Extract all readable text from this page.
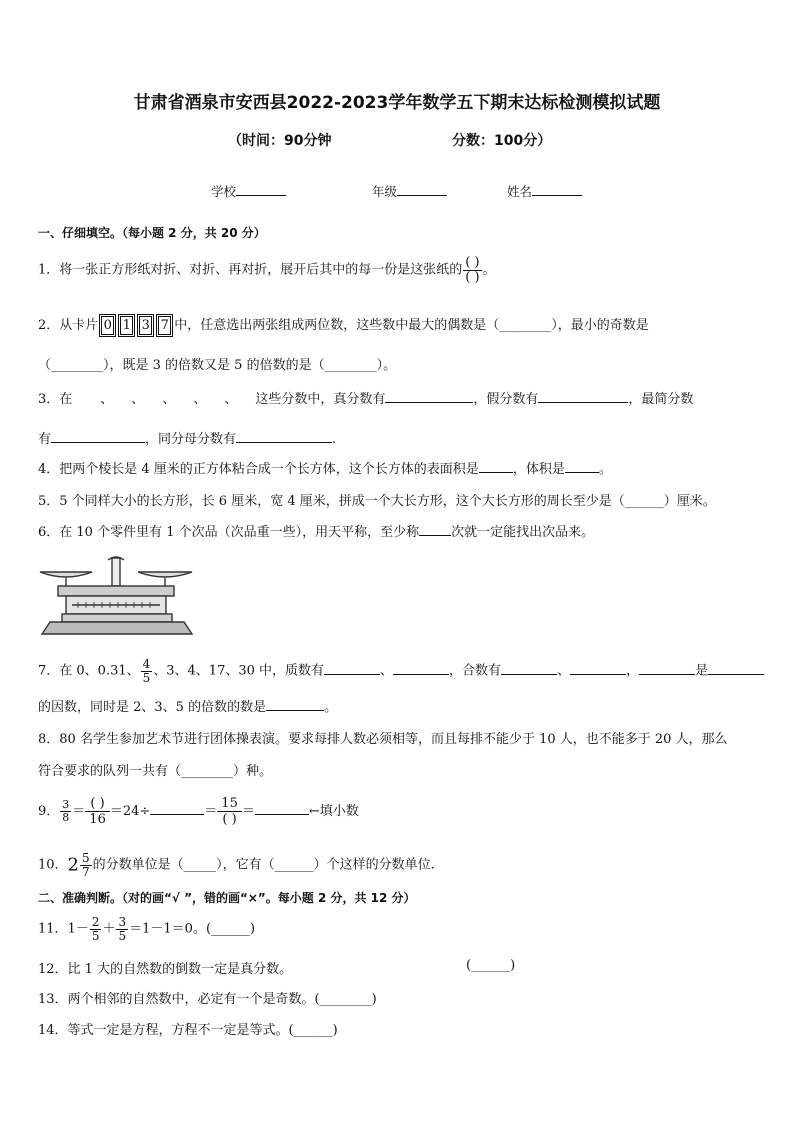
甘肃省酒泉市安西县2022-2023学年数学五下期末达标检测模拟试题
（时间：90分钟	分数：100分）
学校	年级	姓名
一、仔细填空。（每小题 2 分，共 20 分）
1．将一张正方形纸对折、对折、再对折，展开后其中的每一份是这张纸的 $\frac{( )}{( )}$ 。
2．从卡片 0 1 3 7 中，任意选出两张组成两位数，这些数中最大的偶数是（________），最小的奇数是
（________），既是 3 的倍数又是 5 的倍数的是（________）。
3．在 、 、 、 、 、 这些分数中，真分数有	，假分数有	，最简分数
有	，同分母分数有	.
4．把两个棱长是 4 厘米的正方体粘合成一个长方体，这个长方体的表面积是	，体积是	。
5．5 个同样大小的长方形，长 6 厘米，宽 4 厘米，拼成一个大长方形，这个大长方形的周长至少是（______）厘米。
6．在 10 个零件里有 1 个次品（次品重一些），用天平称，至少称 次就一定能找出次品来。
7．在 0、0.31、 $\frac{4}{5}$ 、3、4、17、30 中，质数有	、	，合数有	、	，	是
的因数，同时是 2、3、5 的倍数的数是	。
8．80 名学生参加艺术节进行团体操表演。要求每排人数必须相等，而且每排不能少于 10 人，也不能多于 20 人，那么
符合要求的队列一共有（________）种。
9． $\frac{3}{8}$ ＝
( )
16
＝24÷	＝
15
( )
＝	←填小数
10．$2 \frac{5}{7}$ 的分数单位是（_____），它有（______）个这样的分数单位.
二、准确判断。（对的画“√ ”，错的画“×”。每小题 2 分，共 12 分）
11．$1- \frac{2}{5} + \frac{3}{5} =1-1=0$。(______)
12．比 1 大的自然数的倒数一定是真分数。	(______)
13．两个相邻的自然数中，必定有一个是奇数。(________)
14．等式一定是方程，方程不一定是等式。(______)
